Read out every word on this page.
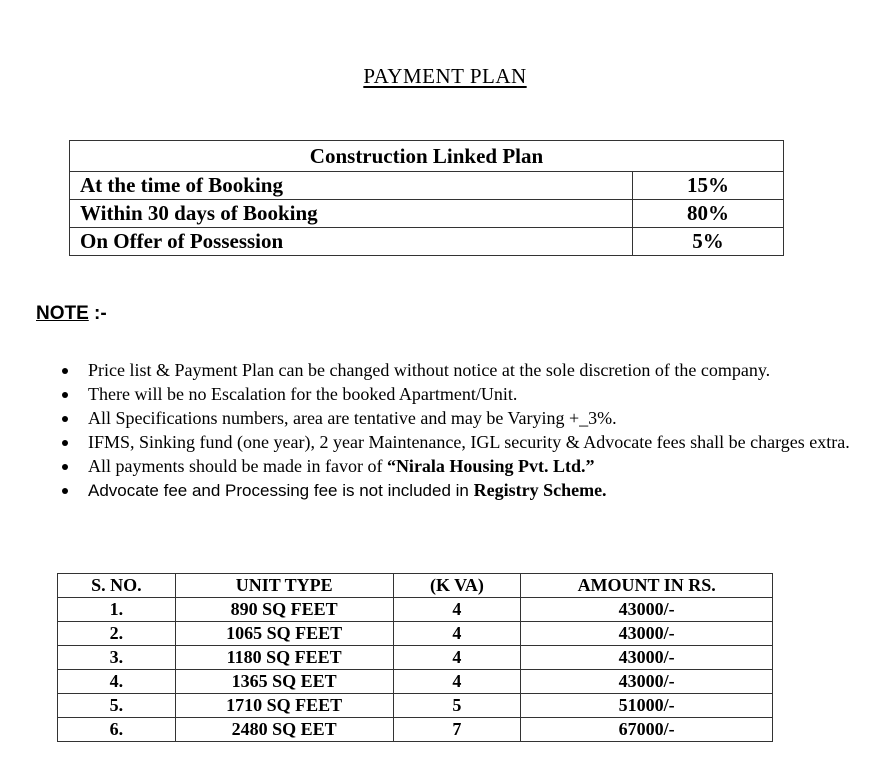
PAYMENT PLAN
Construction Linked Plan	
At the time of Booking	15%
Within 30 days of Booking	80%
On Offer of Possession	5%
NOTE :-
Price list & Payment Plan can be changed without notice at the sole discretion of the company.
There will be no Escalation for the booked Apartment/Unit.
All Specifications numbers, area are tentative and may be Varying +_3%.
IFMS, Sinking fund (one year), 2 year Maintenance, IGL security & Advocate fees shall be charges extra.
All payments should be made in favor of “Nirala Housing Pvt. Ltd.”
Advocate fee and Processing fee is not included in Registry Scheme.
S. NO.	UNIT TYPE	(K VA)	AMOUNT IN RS.
1.	890 SQ FEET	4	43000/-
2.	1065 SQ FEET	4	43000/-
3.	1180 SQ FEET	4	43000/-
4.	1365 SQ EET	4	43000/-
5.	1710 SQ FEET	5	51000/-
6.	2480 SQ EET	7	67000/-
